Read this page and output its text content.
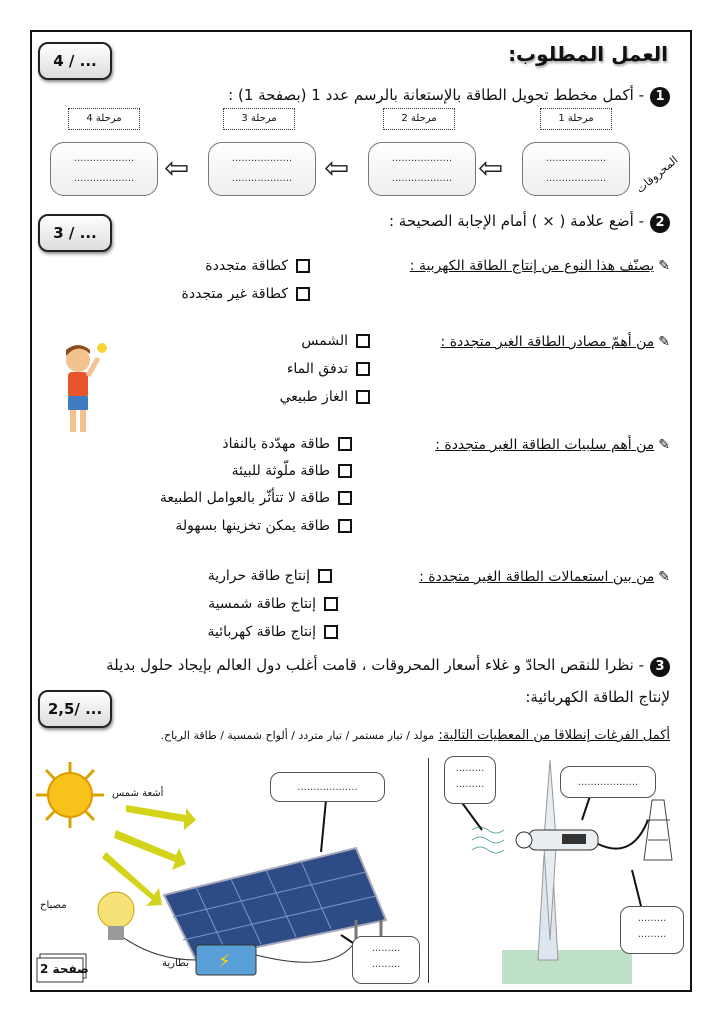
4 / ...
3 / ...
2,5/ ...
العمل المطلوب:
1- أكمل مخطط تحويل الطاقة بالإستعانة بالرسم عدد 1 (بصفحة 1) :
مرحلة 1
مرحلة 2
مرحلة 3
مرحلة 4
...................
...................
...................
...................
...................
...................
...................
...................	⇦
⇦
⇦	المحروقات
2- أضع علامة ( × ) أمام الإجابة الصحيحة :
✎يصنّف هذا النوع من إنتاج الطاقة الكهربية :
كطاقة متجددة
كطاقة غير متجددة
✎من أهمّ مصادر الطاقة الغير متجددة :
الشمس
تدفق الماء
الغاز طبيعي
✎من أهم سلبيات الطاقة الغير متجددة :
طاقة مهدّدة بالنفاذ
طاقة ملّوثة للبيئة
طاقة لا تتأثّر بالعوامل الطبيعة
طاقة يمكن تخزينها بسهولة
✎من بين استعمالات الطاقة الغير متجددة :
إنتاج طاقة حرارية
إنتاج طاقة شمسية
إنتاج طاقة كهربائية
3- نظرا للنقص الحادّ و غلاء أسعار المحروقات ، قامت أغلب دول العالم بإيجاد حلول بديلة
لإنتاج الطاقة الكهربائية:
أكمل الفرغات إنطلاقا من المعطيات التالية: مولد / تيار مستمر / تيار متردد / ألواح شمسية / طاقة الرياح.
⚡
أشعة شمس
مصباح
بطارية
صفحة 2
...................
.........
.........
.........
.........	...................
.........
.........
